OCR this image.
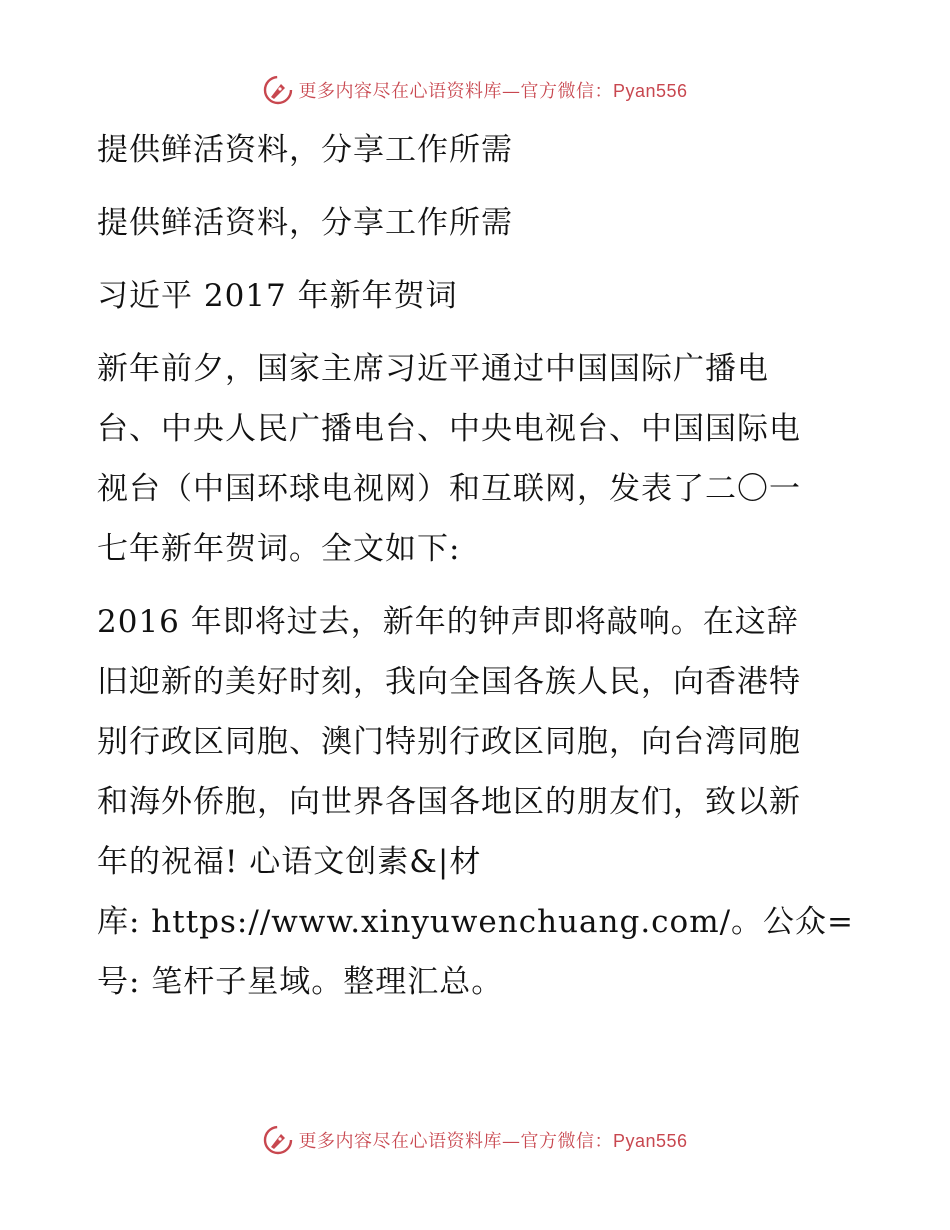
更多内容尽在心语资料库—官方微信：Pyan556
提供鲜活资料，分享工作所需
提供鲜活资料，分享工作所需
习近平 2017 年新年贺词
新年前夕，国家主席习近平通过中国国际广播电
台、中央人民广播电台、中央电视台、中国国际电
视台（中国环球电视网）和互联网，发表了二〇一
七年新年贺词。全文如下:
2016 年即将过去，新年的钟声即将敲响。在这辞
旧迎新的美好时刻，我向全国各族人民，向香港特
别行政区同胞、澳门特别行政区同胞，向台湾同胞
和海外侨胞，向世界各国各地区的朋友们，致以新
年的祝福! 心语文创素&|材
库: https://www.xinyuwenchuang.com/。公众=
号: 笔杆子星域。整理汇总。
更多内容尽在心语资料库—官方微信：Pyan556
